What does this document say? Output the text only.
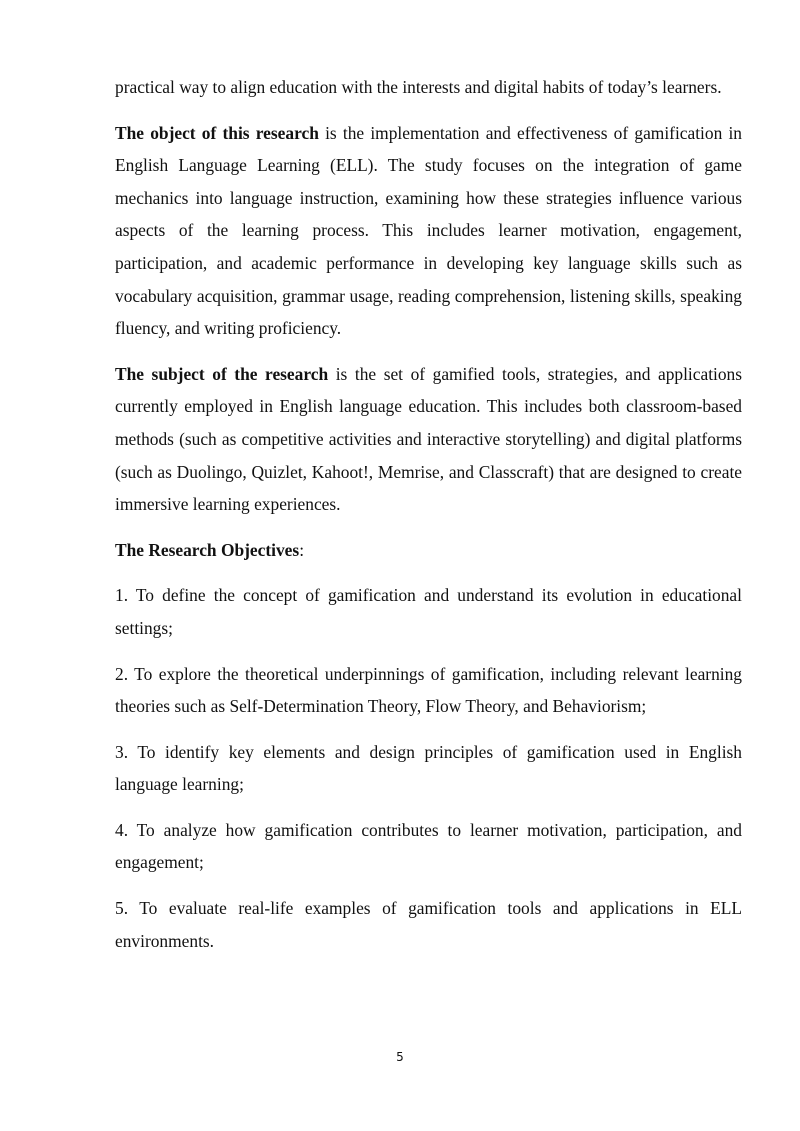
practical way to align education with the interests and digital habits of today’s learners.

The object of this research is the implementation and effectiveness of gamification in English Language Learning (ELL). The study focuses on the integration of game mechanics into language instruction, examining how these strategies influence various aspects of the learning process. This includes learner motivation, engagement, participation, and academic performance in developing key language skills such as vocabulary acquisition, grammar usage, reading comprehension, listening skills, speaking fluency, and writing proficiency.

The subject of the research is the set of gamified tools, strategies, and applications currently employed in English language education. This includes both classroom-based methods (such as competitive activities and interactive storytelling) and digital platforms (such as Duolingo, Quizlet, Kahoot!, Memrise, and Classcraft) that are designed to create immersive learning experiences.

The Research Objectives:

1. To define the concept of gamification and understand its evolution in educational settings;

2. To explore the theoretical underpinnings of gamification, including relevant learning theories such as Self-Determination Theory, Flow Theory, and Behaviorism;

3. To identify key elements and design principles of gamification used in English language learning;

4. To analyze how gamification contributes to learner motivation, participation, and engagement;

5. To evaluate real-life examples of gamification tools and applications in ELL environments.

5
